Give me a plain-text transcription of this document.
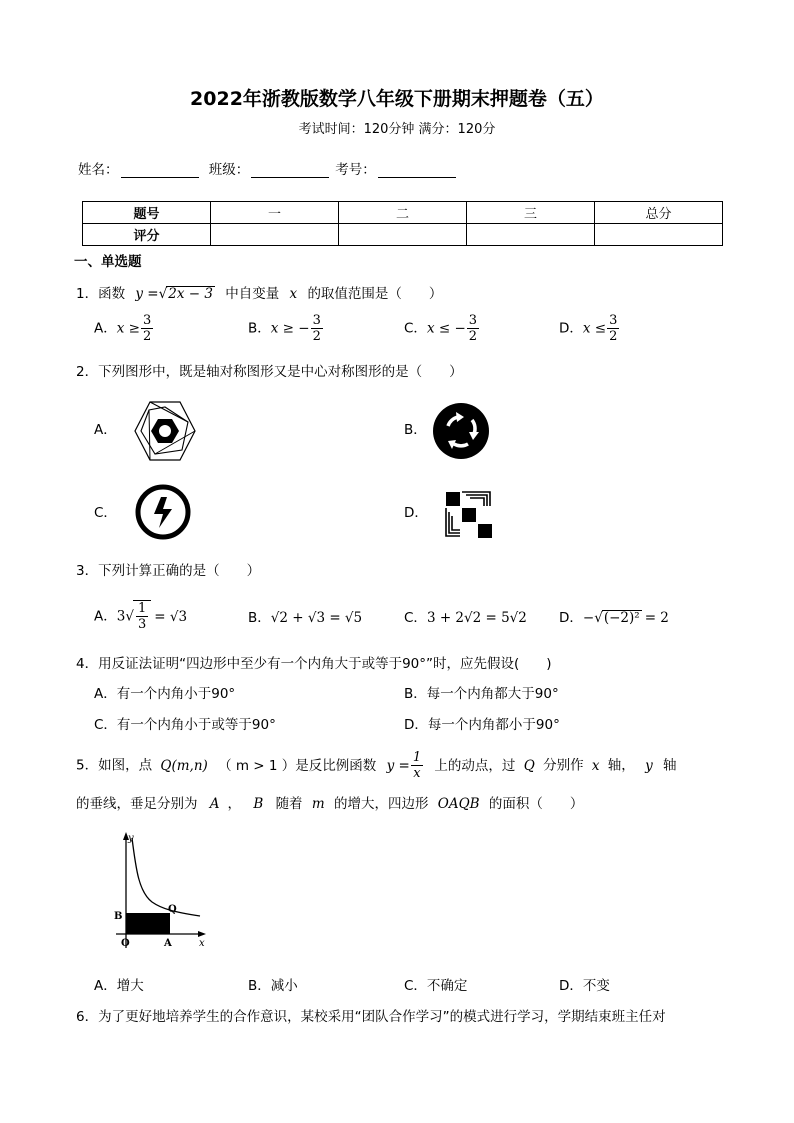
2022年浙教版数学八年级下册期末押题卷（五）
考试时间：120分钟 满分：120分
姓名：	班级：	考号：
题号	一	二	三	总分
评分				
一、单选题
1．函数 y =√2x − 3 中自变量 x 的取值范围是（　　）
A．$x \ge \frac{3}{2}$	B．x ≥ − $\frac{3}{2}$	C．x ≤ − $\frac{3}{2}$	D．$x \le \frac{3}{2}$
2．下列图形中，既是轴对称图形又是中心对称图形的是（　　）
A．	B．
C．	D．
3．下列计算正确的是（　　）
A．$3√ \frac{1}{3} = √3$	B．√2 + √3 = √5	C．3 + 2√2 = 5√2 D．−√(−2)² = 2
4．用反证法证明“四边形中至少有一个内角大于或等于90°”时，应先假设(　　)
A．有一个内角小于90°	B．每一个内角都大于90°
C．有一个内角小于或等于90°	D．每一个内角都小于90°
5．如图，点 Q(m,n) （ m > 1 ）是反比例函数 $y = \frac{1}{x}$ 上的动点，过 Q 分别作 x 轴， y 轴
的垂线，垂足分别为 A ， B 随着 m 的增大，四边形 OAQB 的面积（　　）
y
x
B
O	A
Q
A．增大	B．减小	C．不确定	D．不变
6．为了更好地培养学生的合作意识，某校采用“团队合作学习”的模式进行学习，学期结束班主任对
